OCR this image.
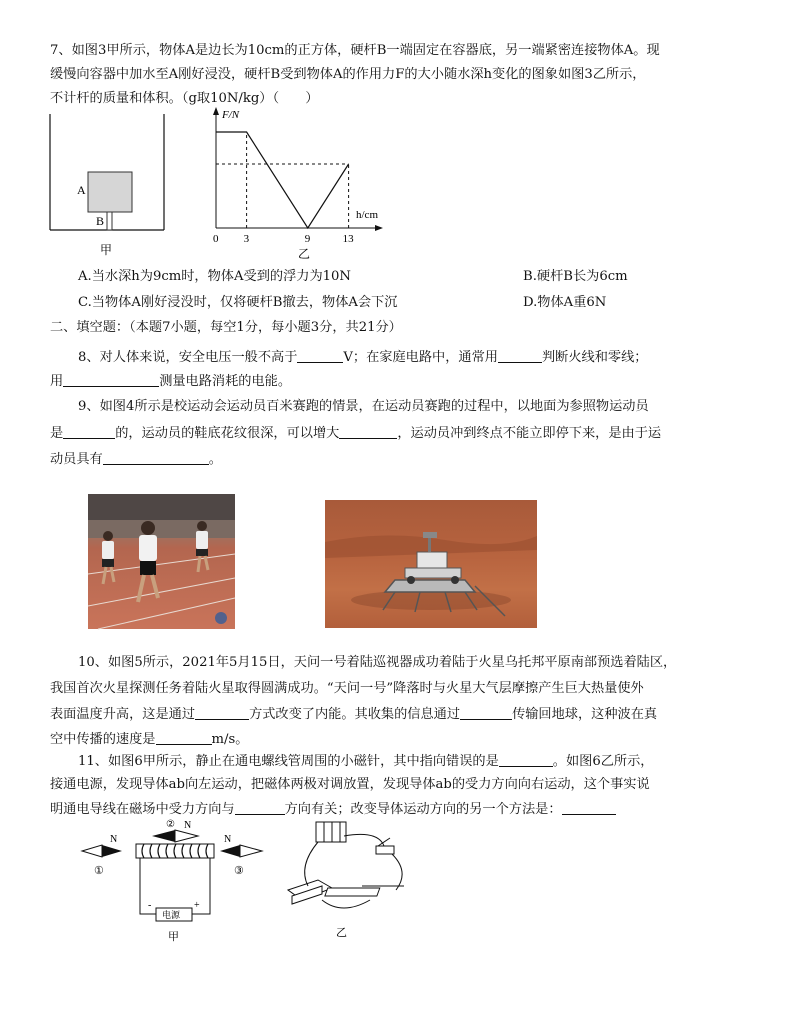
7、如图3甲所示，物体A是边长为10cm的正方体，硬杆B一端固定在容器底，另一端紧密连接物体A。现
缓慢向容器中加水至A刚好浸没，硬杆B受到物体A的作用力F的大小随水深h变化的图象如图3乙所示，
不计杆的质量和体积。（g取10N/kg）（　　）
A
B
甲
F/N
h/cm
0 3	9	13
乙
A.当水深h为9cm时，物体A受到的浮力为10N	B.硬杆B长为6cm
C.当物体A刚好浸没时，仅将硬杆B撤去，物体A会下沉	D.物体A重6N
二、填空题：（本题7小题，每空1分，每小题3分，共21分）
8、对人体来说，安全电压一般不高于	V；在家庭电路中，通常用	判断火线和零线；
用	测量电路消耗的电能。
9、如图4所示是校运动会运动员百米赛跑的情景，在运动员赛跑的过程中，以地面为参照物运动员
是	的，运动员的鞋底花纹很深，可以增大	，运动员冲到终点不能立即停下来，是由于运
动员具有	。
10、如图5所示，2021年5月15日，天问一号着陆巡视器成功着陆于火星乌托邦平原南部预选着陆区，
我国首次火星探测任务着陆火星取得圆满成功。“天问一号”降落时与火星大气层摩擦产生巨大热量使外
表面温度升高，这是通过	方式改变了内能。其收集的信息通过	传输回地球，这种波在真
空中传播的速度是	m/s。
11、如图6甲所示，静止在通电螺线管周围的小磁针，其中指向错误的是	。如图6乙所示，
接通电源，发现导体ab向左运动，把磁体两极对调放置，发现导体ab的受力方向向右运动，这个事实说
明通电导线在磁场中受力方向与	方向有关；改变导体运动方向的另一个方法是：
N
①
② N
N
③
电源
-	+
甲	乙
